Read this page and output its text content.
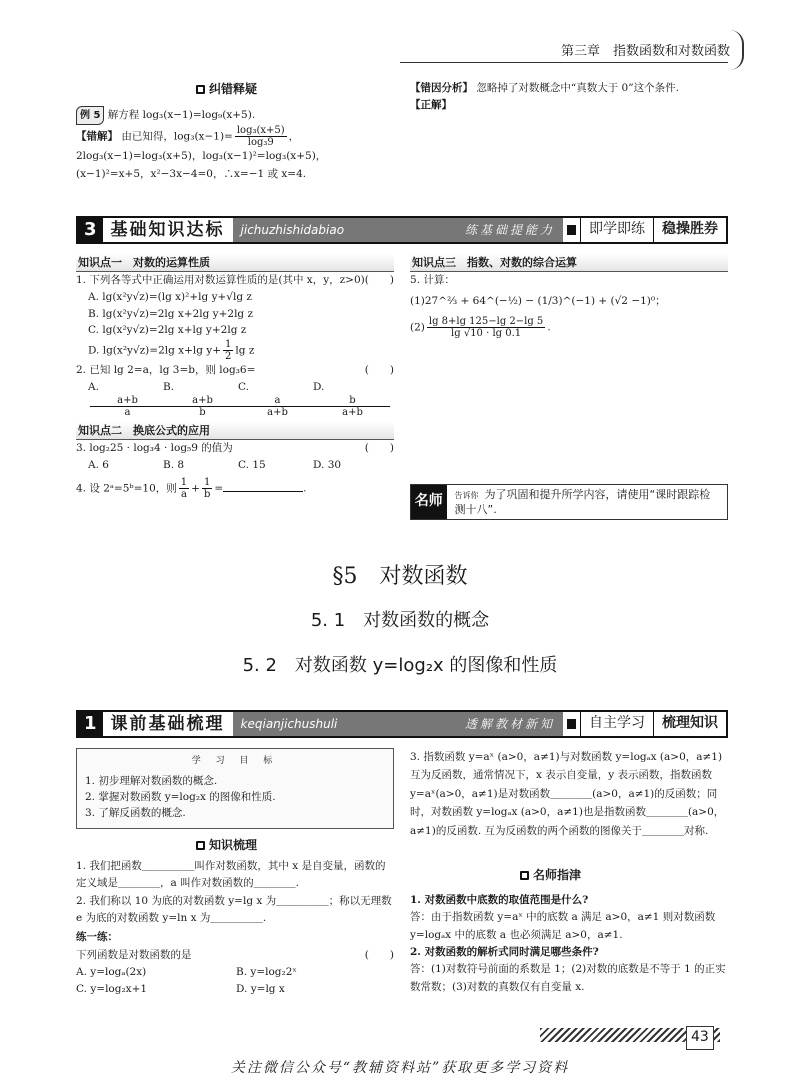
第三章　指数函数和对数函数
纠错释疑
例 5 解方程 log₃(x−1)=log₉(x+5).
【错解】 由已知得，$\log_3(x-1)= \frac{\text{log₃(x+5)}}{\text{log₃9}}$ ，2log₃(x−1)=log₃(x+5)，log₃(x−1)²=log₃(x+5)，(x−1)²=x+5，x²−3x−4=0，∴x=−1 或 x=4.
【错因分析】 忽略掉了对数概念中“真数大于 0”这个条件.
【正解】
3 基础知识达标	jichuzhishidabiao	练基础提能力	即学即练	稳操胜券
知识点一　对数的运算性质
1. 下列各等式中正确运用对数运算性质的是(其中 x，y，z>0) (　　)
A. lg(x²y√z)=(lg x)²+lg y+√lg z
B. lg(x²y√z)=2lg x+2lg y+2lg z
C. lg(x²y√z)=2lg x+lg y+2lg z
D. lg(x²y√z)=2lg x+lg $y+ \frac{1}{2}$ lg z
2. 已知 lg 2=a，lg 3=b，则 log₃6=	(　　)
A.
$\frac{a+b}{a}$
B.
$\frac{a+b}{b}$
C.
$\frac{a}{a+b}$
D.
$\frac{b}{a+b}$
知识点二　换底公式的应用
3. log₂25 · log₃4 · log₅9 的值为	(　　)
A. 6	B. 8	C. 15	D. 30
4. 设 2ᵃ=5ᵇ=10，则 $\frac{1}{a} + \frac{1}{b}$ =	.
知识点三　指数、对数的综合运算
5. 计算：
(1)27^⅔ + 64^(−½) − (1/3)^(−1) + (√2 −1)⁰；
$(2) \frac{\lg 8+\lg 125-\lg 2-\lg 5}{\lg √10 \cdot \lg 0.1}$ .
名师	告诉你 为了巩固和提升所学内容，请使用“课时跟踪检测十八”.
§5　对数函数
5. 1　对数函数的概念
5. 2　对数函数 y=log₂x 的图像和性质
1 课前基础梳理	keqianjichushuli	透解教材新知	自主学习	梳理知识
学 习 目 标
1. 初步理解对数函数的概念.
2. 掌握对数函数 y=log₂x 的图像和性质.
3. 了解反函数的概念.
知识梳理
1. 我们把函数＿＿＿＿＿叫作对数函数，其中 x 是自变量，函数的定义域是＿＿＿＿，a 叫作对数函数的＿＿＿＿.
2. 我们称以 10 为底的对数函数 y=lg x 为＿＿＿＿＿；称以无理数 e 为底的对数函数 y=ln x 为＿＿＿＿＿.
练一练：
下列函数是对数函数的是	(　　)
A. y=logₐ(2x)	B. y=log₂2ˣ
C. y=log₂x+1	D. y=lg x
3. 指数函数 y=aˣ (a>0，a≠1)与对数函数 y=logₐx (a>0，a≠1)互为反函数，通常情况下，x 表示自变量，y 表示函数，指数函数 y=aˣ(a>0，a≠1)是对数函数＿＿＿＿(a>0，a≠1)的反函数；同时，对数函数 y=logₐx (a>0，a≠1)也是指数函数＿＿＿＿(a>0，a≠1)的反函数. 互为反函数的两个函数的图像关于＿＿＿＿对称.
名师指津
1. 对数函数中底数的取值范围是什么?
答：由于指数函数 y=aˣ 中的底数 a 满足 a>0，a≠1 则对数函数 y=logₐx 中的底数 a 也必须满足 a>0，a≠1.
2. 对数函数的解析式同时满足哪些条件?
答：(1)对数符号前面的系数是 1；(2)对数的底数是不等于 1 的正实数常数；(3)对数的真数仅有自变量 x.
43
关注微信公众号“教辅资料站”获取更多学习资料
